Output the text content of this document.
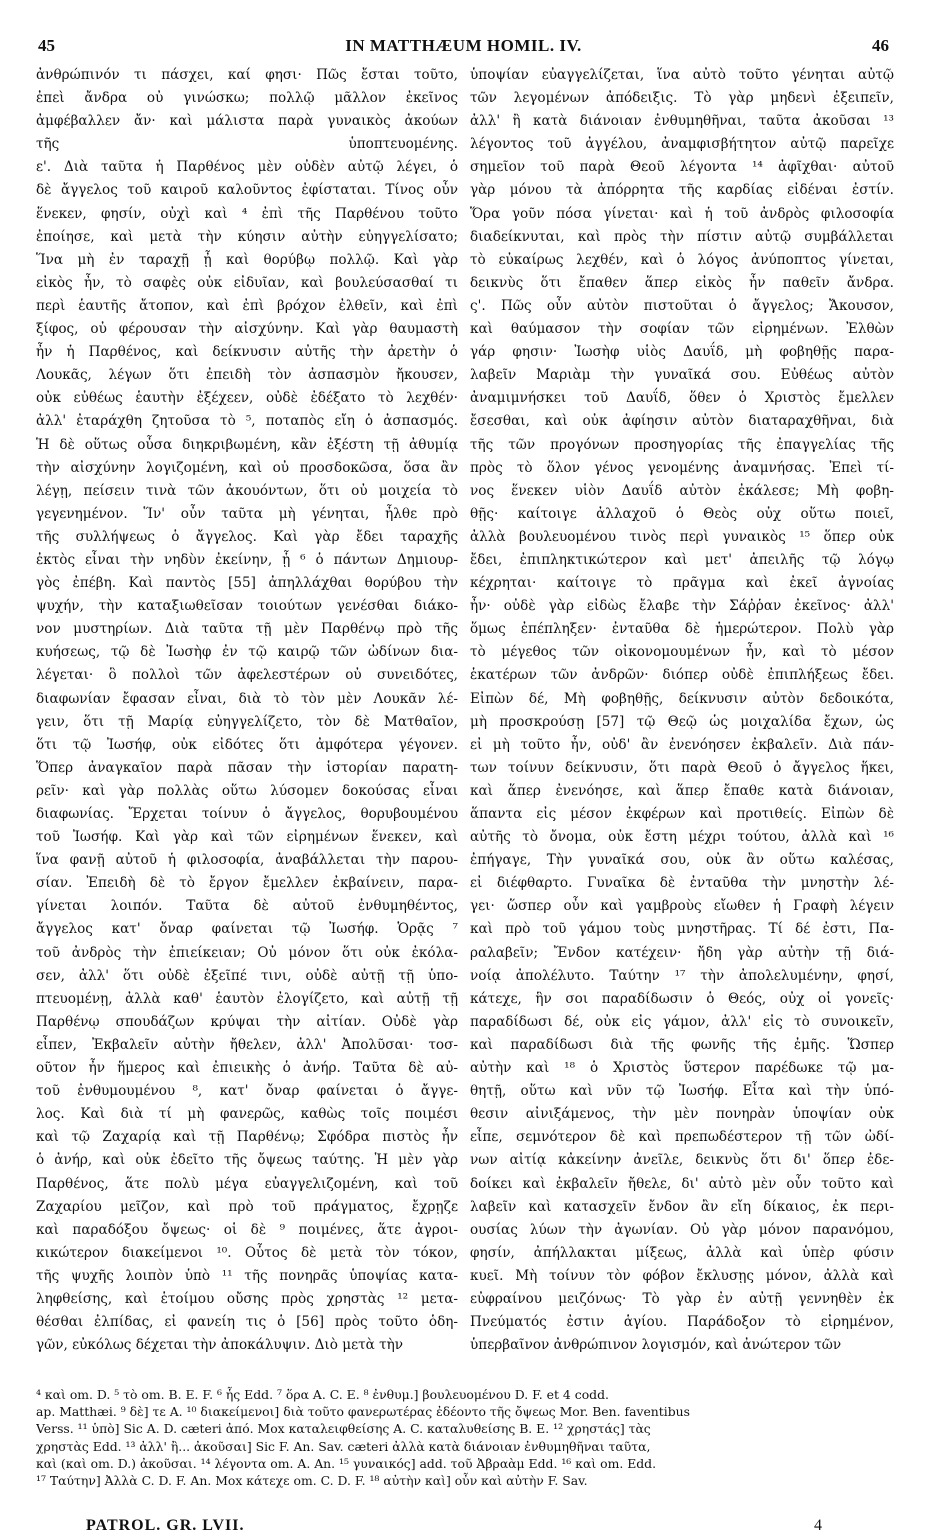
45	IN MATTHÆUM HOMIL. IV.	46
ἀνθρώπινόν τι πάσχει, καί φησι· Πῶς ἔσται τοῦτο,
ἐπεὶ ἄνδρα οὐ γινώσκω; πολλῷ μᾶλλον ἐκεῖνος
ἀμφέβαλλεν ἄν· καὶ μάλιστα παρὰ γυναικὸς ἀκούων
τῆς ὑποπτευομένης.
ε'. Διὰ ταῦτα ἡ Παρθένος μὲν οὐδὲν αὐτῷ λέγει, ὁ
δὲ ἄγγελος τοῦ καιροῦ καλοῦντος ἐφίσταται. Τίνος οὖν
ἕνεκεν, φησίν, οὐχὶ καὶ ⁴ ἐπὶ τῆς Παρθένου τοῦτο
ἐποίησε, καὶ μετὰ τὴν κύησιν αὐτὴν εὐηγγελίσατο;
Ἵνα μὴ ἐν ταραχῇ ᾖ καὶ θορύβῳ πολλῷ. Καὶ γὰρ
εἰκὸς ἦν, τὸ σαφὲς οὐκ εἰδυῖαν, καὶ βουλεύσασθαί τι
περὶ ἑαυτῆς ἄτοπον, καὶ ἐπὶ βρόχον ἐλθεῖν, καὶ ἐπὶ
ξίφος, οὐ φέρουσαν τὴν αἰσχύνην. Καὶ γὰρ θαυμαστὴ
ἦν ἡ Παρθένος, καὶ δείκνυσιν αὐτῆς τὴν ἀρετὴν ὁ
Λουκᾶς, λέγων ὅτι ἐπειδὴ τὸν ἀσπασμὸν ἤκουσεν,
οὐκ εὐθέως ἑαυτὴν ἐξέχεεν, οὐδὲ ἐδέξατο τὸ λεχθέν·
ἀλλ' ἐταράχθη ζητοῦσα τὸ ⁵, ποταπὸς εἴη ὁ ἀσπασμός.
Ἡ δὲ οὕτως οὖσα διηκριβωμένη, κἂν ἐξέστη τῇ ἀθυμίᾳ
τὴν αἰσχύνην λογιζομένη, καὶ οὐ προσδοκῶσα, ὅσα ἂν
λέγῃ, πείσειν τινὰ τῶν ἀκουόντων, ὅτι οὐ μοιχεία τὸ
γεγενημένον. Ἵν' οὖν ταῦτα μὴ γένηται, ἦλθε πρὸ
τῆς συλλήψεως ὁ ἄγγελος. Καὶ γὰρ ἔδει ταραχῆς
ἐκτὸς εἶναι τὴν νηδὺν ἐκείνην, ᾗ ⁶ ὁ πάντων Δημιουρ-
γὸς ἐπέβη. Καὶ παντὸς [55] ἀπηλλάχθαι θορύβου τὴν
ψυχήν, τὴν καταξιωθεῖσαν τοιούτων γενέσθαι διάκο-
νον μυστηρίων. Διὰ ταῦτα τῇ μὲν Παρθένῳ πρὸ τῆς
κυήσεως, τῷ δὲ Ἰωσὴφ ἐν τῷ καιρῷ τῶν ὠδίνων δια-
λέγεται· ὃ πολλοὶ τῶν ἀφελεστέρων οὐ συνειδότες,
διαφωνίαν ἔφασαν εἶναι, διὰ τὸ τὸν μὲν Λουκᾶν λέ-
γειν, ὅτι τῇ Μαρίᾳ εὐηγγελίζετο, τὸν δὲ Ματθαῖον,
ὅτι τῷ Ἰωσήφ, οὐκ εἰδότες ὅτι ἀμφότερα γέγονεν.
Ὅπερ ἀναγκαῖον παρὰ πᾶσαν τὴν ἱστορίαν παρατη-
ρεῖν· καὶ γὰρ πολλὰς οὕτω λύσομεν δοκούσας εἶναι
διαφωνίας. Ἔρχεται τοίνυν ὁ ἄγγελος, θορυβουμένου
τοῦ Ἰωσήφ. Καὶ γὰρ καὶ τῶν εἰρημένων ἕνεκεν, καὶ
ἵνα φανῇ αὐτοῦ ἡ φιλοσοφία, ἀναβάλλεται τὴν παρου-
σίαν. Ἐπειδὴ δὲ τὸ ἔργον ἔμελλεν ἐκβαίνειν, παρα-
γίνεται λοιπόν. Ταῦτα δὲ αὐτοῦ ἐνθυμηθέντος,
ἄγγελος κατ' ὄναρ φαίνεται τῷ Ἰωσήφ. Ὁρᾷς ⁷
τοῦ ἀνδρὸς τὴν ἐπιείκειαν; Οὐ μόνον ὅτι οὐκ ἐκόλα-
σεν, ἀλλ' ὅτι οὐδὲ ἐξεῖπέ τινι, οὐδὲ αὐτῇ τῇ ὑπο-
πτευομένῃ, ἀλλὰ καθ' ἑαυτὸν ἐλογίζετο, καὶ αὐτῇ τῇ
Παρθένῳ σπουδάζων κρύψαι τὴν αἰτίαν. Οὐδὲ γὰρ
εἶπεν, Ἐκβαλεῖν αὐτὴν ἤθελεν, ἀλλ' Ἀπολῦσαι· τοσ-
οῦτον ἦν ἥμερος καὶ ἐπιεικὴς ὁ ἀνήρ. Ταῦτα δὲ αὐ-
τοῦ ἐνθυμουμένου ⁸, κατ' ὄναρ φαίνεται ὁ ἄγγε-
λος. Καὶ διὰ τί μὴ φανερῶς, καθὼς τοῖς ποιμέσι
καὶ τῷ Ζαχαρίᾳ καὶ τῇ Παρθένῳ; Σφόδρα πιστὸς ἦν
ὁ ἀνήρ, καὶ οὐκ ἐδεῖτο τῆς ὄψεως ταύτης. Ἡ μὲν γὰρ
Παρθένος, ἅτε πολὺ μέγα εὐαγγελιζομένη, καὶ τοῦ
Ζαχαρίου μεῖζον, καὶ πρὸ τοῦ πράγματος, ἔχρῃζε
καὶ παραδόξου ὄψεως· οἱ δὲ ⁹ ποιμένες, ἅτε ἀγροι-
κικώτερον διακείμενοι ¹⁰. Οὗτος δὲ μετὰ τὸν τόκον,
τῆς ψυχῆς λοιπὸν ὑπὸ ¹¹ τῆς πονηρᾶς ὑποψίας κατα-
ληφθείσης, καὶ ἑτοίμου οὔσης πρὸς χρηστὰς ¹² μετα-
θέσθαι ἐλπίδας, εἰ φανείη τις ὁ [56] πρὸς τοῦτο ὁδη-
γῶν, εὐκόλως δέχεται τὴν ἀποκάλυψιν. Διὸ μετὰ τὴν
ὑποψίαν εὐαγγελίζεται, ἵνα αὐτὸ τοῦτο γένηται αὐτῷ
τῶν λεγομένων ἀπόδειξις. Τὸ γὰρ μηδενὶ ἐξειπεῖν,
ἀλλ' ἢ κατὰ διάνοιαν ἐνθυμηθῆναι, ταῦτα ἀκοῦσαι ¹³
λέγοντος τοῦ ἀγγέλου, ἀναμφισβήτητον αὐτῷ παρεῖχε
σημεῖον τοῦ παρὰ Θεοῦ λέγοντα ¹⁴ ἀφῖχθαι· αὐτοῦ
γὰρ μόνου τὰ ἀπόρρητα τῆς καρδίας εἰδέναι ἐστίν.
Ὅρα γοῦν πόσα γίνεται· καὶ ἡ τοῦ ἀνδρὸς φιλοσοφία
διαδείκνυται, καὶ πρὸς τὴν πίστιν αὐτῷ συμβάλλεται
τὸ εὐκαίρως λεχθέν, καὶ ὁ λόγος ἀνύποπτος γίνεται,
δεικνὺς ὅτι ἔπαθεν ἅπερ εἰκὸς ἦν παθεῖν ἄνδρα.
ς'. Πῶς οὖν αὐτὸν πιστοῦται ὁ ἄγγελος; Ἄκουσον,
καὶ θαύμασον τὴν σοφίαν τῶν εἰρημένων. Ἐλθὼν
γάρ φησιν· Ἰωσὴφ υἱὸς Δαυΐδ, μὴ φοβηθῇς παρα-
λαβεῖν Μαριὰμ τὴν γυναῖκά σου. Εὐθέως αὐτὸν
ἀναμιμνήσκει τοῦ Δαυΐδ, ὅθεν ὁ Χριστὸς ἔμελλεν
ἔσεσθαι, καὶ οὐκ ἀφίησιν αὐτὸν διαταραχθῆναι, διὰ
τῆς τῶν προγόνων προσηγορίας τῆς ἐπαγγελίας τῆς
πρὸς τὸ ὅλον γένος γενομένης ἀναμνήσας. Ἐπεὶ τί-
νος ἕνεκεν υἱὸν Δαυΐδ αὐτὸν ἐκάλεσε; Μὴ φοβη-
θῇς· καίτοιγε ἀλλαχοῦ ὁ Θεὸς οὐχ οὕτω ποιεῖ,
ἀλλὰ βουλευομένου τινὸς περὶ γυναικὸς ¹⁵ ὅπερ οὐκ
ἔδει, ἐπιπληκτικώτερον καὶ μετ' ἀπειλῆς τῷ λόγῳ
κέχρηται· καίτοιγε τὸ πρᾶγμα καὶ ἐκεῖ ἀγνοίας
ἦν· οὐδὲ γὰρ εἰδὼς ἔλαβε τὴν Σάῤῥαν ἐκεῖνος· ἀλλ'
ὅμως ἐπέπληξεν· ἐνταῦθα δὲ ἡμερώτερον. Πολὺ γὰρ
τὸ μέγεθος τῶν οἰκονομουμένων ἦν, καὶ τὸ μέσον
ἑκατέρων τῶν ἀνδρῶν· διόπερ οὐδὲ ἐπιπλήξεως ἔδει.
Εἰπὼν δέ, Μὴ φοβηθῇς, δείκνυσιν αὐτὸν δεδοικότα,
μὴ προσκρούσῃ [57] τῷ Θεῷ ὡς μοιχαλίδα ἔχων, ὡς
εἰ μὴ τοῦτο ἦν, οὐδ' ἂν ἐνενόησεν ἐκβαλεῖν. Διὰ πάν-
των τοίνυν δείκνυσιν, ὅτι παρὰ Θεοῦ ὁ ἄγγελος ἥκει,
καὶ ἅπερ ἐνενόησε, καὶ ἅπερ ἔπαθε κατὰ διάνοιαν,
ἅπαντα εἰς μέσον ἐκφέρων καὶ προτιθείς. Εἰπὼν δὲ
αὐτῆς τὸ ὄνομα, οὐκ ἔστη μέχρι τούτου, ἀλλὰ καὶ ¹⁶
ἐπήγαγε, Τὴν γυναῖκά σου, οὐκ ἂν οὕτω καλέσας,
εἰ διέφθαρτο. Γυναῖκα δὲ ἐνταῦθα τὴν μνηστὴν λέ-
γει· ὥσπερ οὖν καὶ γαμβροὺς εἴωθεν ἡ Γραφὴ λέγειν
καὶ πρὸ τοῦ γάμου τοὺς μνηστῆρας. Τί δέ ἐστι, Πα-
ραλαβεῖν; Ἔνδον κατέχειν· ἤδη γὰρ αὐτὴν τῇ διά-
νοίᾳ ἀπολέλυτο. Ταύτην ¹⁷ τὴν ἀπολελυμένην, φησί,
κάτεχε, ἣν σοι παραδίδωσιν ὁ Θεός, οὐχ οἱ γονεῖς·
παραδίδωσι δέ, οὐκ εἰς γάμον, ἀλλ' εἰς τὸ συνοικεῖν,
καὶ παραδίδωσι διὰ τῆς φωνῆς τῆς ἐμῆς. Ὥσπερ
αὐτὴν καὶ ¹⁸ ὁ Χριστὸς ὕστερον παρέδωκε τῷ μα-
θητῇ, οὕτω καὶ νῦν τῷ Ἰωσήφ. Εἶτα καὶ τὴν ὑπό-
θεσιν αἰνιξάμενος, τὴν μὲν πονηρὰν ὑποψίαν οὐκ
εἶπε, σεμνότερον δὲ καὶ πρεπωδέστερον τῇ τῶν ὠδί-
νων αἰτίᾳ κἀκείνην ἀνεῖλε, δεικνὺς ὅτι δι' ὅπερ ἐδε-
δοίκει καὶ ἐκβαλεῖν ἤθελε, δι' αὐτὸ μὲν οὖν τοῦτο καὶ
λαβεῖν καὶ κατασχεῖν ἔνδον ἂν εἴη δίκαιος, ἐκ περι-
ουσίας λύων τὴν ἀγωνίαν. Οὐ γὰρ μόνον παρανόμου,
φησίν, ἀπήλλακται μίξεως, ἀλλὰ καὶ ὑπὲρ φύσιν
κυεῖ. Μὴ τοίνυν τὸν φόβον ἔκλυσῃς μόνον, ἀλλὰ καὶ
εὐφραίνου μειζόνως· Τὸ γὰρ ἐν αὐτῇ γεννηθὲν ἐκ
Πνεύματός ἐστιν ἁγίου. Παράδοξον τὸ εἰρημένον,
ὑπερβαῖνον ἀνθρώπινον λογισμόν, καὶ ἀνώτερον τῶν
⁴ καὶ om. D. ⁵ τὸ om. B. E. F. ⁶ ἧς Edd. ⁷ ὅρα A. C. E. ⁸ ἐνθυμ.] βουλευομένου D. F. et 4 codd.
ap. Matthæi. ⁹ δὲ] τε A. ¹⁰ διακείμενοι] διὰ τοῦτο φανερωτέρας ἐδέοντο τῆς ὄψεως Mor. Ben. faventibus
Verss. ¹¹ ὑπὸ] Sic A. D. cæteri ἀπό. Mox καταλειφθείσης A. C. καταλυθείσης B. E. ¹² χρηστάς] τὰς
χρηστὰς Edd. ¹³ ἀλλ' ἢ... ἀκοῦσαι] Sic F. An. Sav. cæteri ἀλλὰ κατὰ διάνοιαν ἐνθυμηθῆναι ταῦτα,
καὶ (καὶ om. D.) ἀκοῦσαι. ¹⁴ λέγοντα om. A. An. ¹⁵ γυναικός] add. τοῦ Ἀβραὰμ Edd. ¹⁶ καὶ om. Edd.
¹⁷ Ταύτην] Ἀλλὰ C. D. F. An. Mox κάτεχε om. C. D. F. ¹⁸ αὐτὴν καὶ] οὖν καὶ αὐτὴν F. Sav.
PATROL. GR. LVII.	4
